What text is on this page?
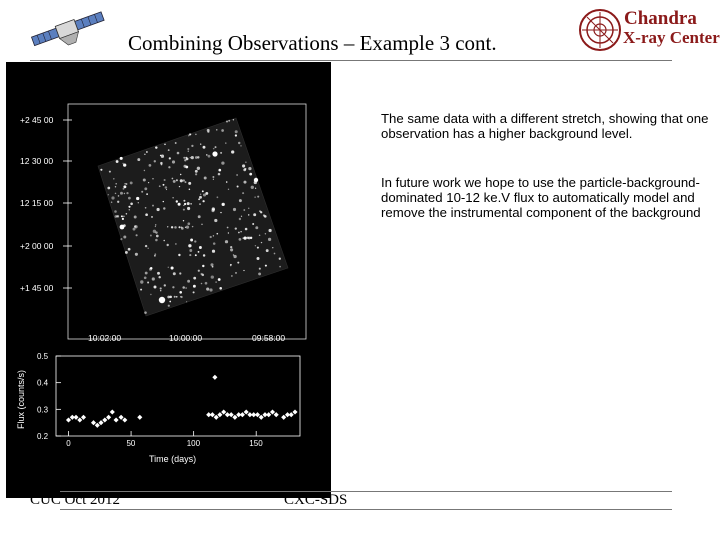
Combining Observations – Example 3 cont.
Chandra
X-ray Center
+2 45 00
12 30 00
12 15 00
+2 00 00
+1 45 00
10:02:00	10:00:00	09:58:00
0.2
0.3
0.4
0.5
0	50	100	150
Time (days)
Flux (counts/s)
The same data with a different stretch, showing that one observation has a higher background level.
In future work we hope to use the particle-background-dominated 10-12 ke.V flux to automatically model and remove the instrumental component of the background
CUC Oct 2012	CXC-SDS
